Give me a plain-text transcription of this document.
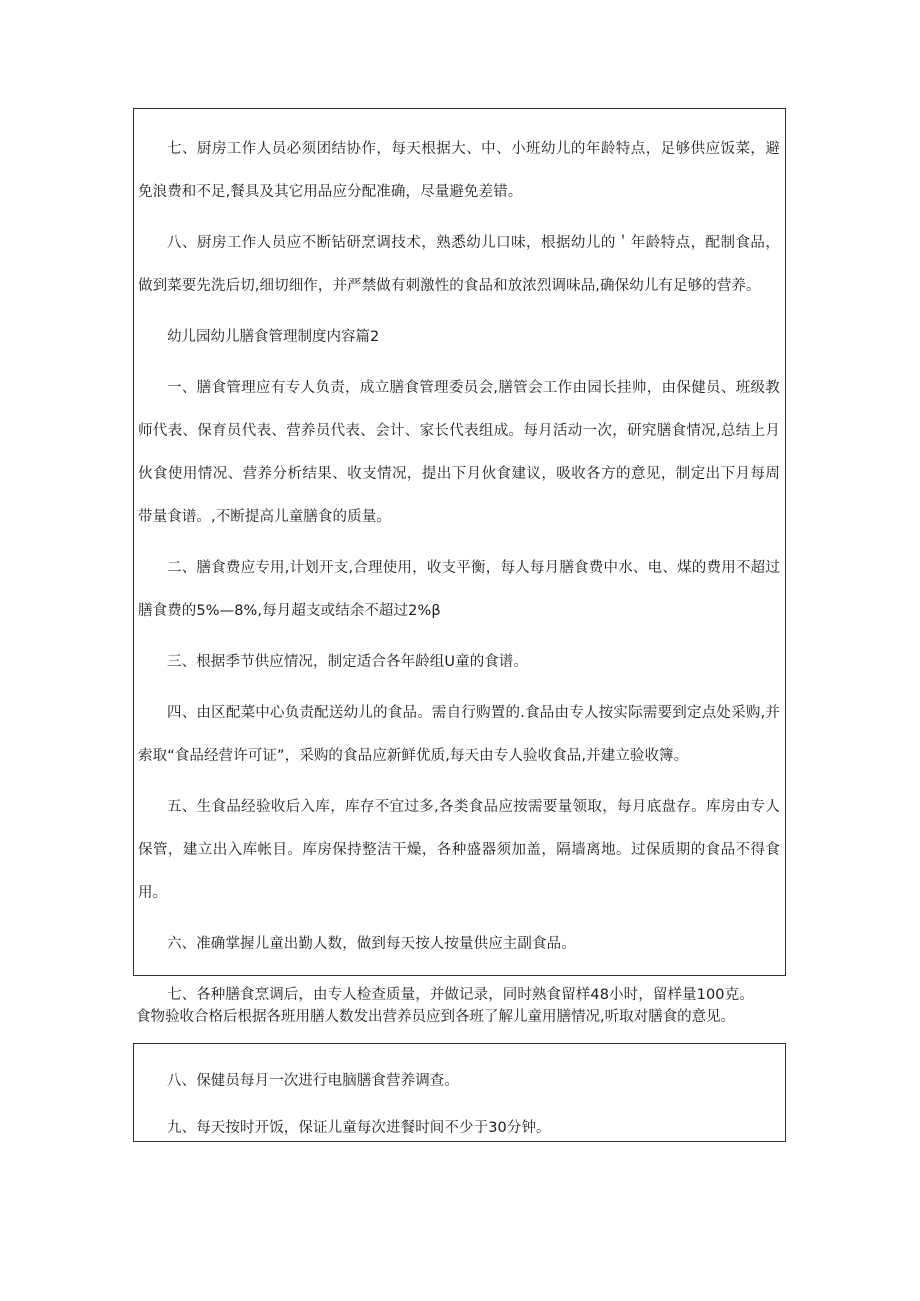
七、厨房工作人员必须团结协作，每天根据大、中、小班幼儿的年龄特点，足够供应饭菜，避免浪费和不足,餐具及其它用品应分配准确，尽量避免差错。

八、厨房工作人员应不断钻研烹调技术，熟悉幼儿口味，根据幼儿的＇年龄特点，配制食品，做到菜要先洗后切,细切细作，并严禁做有刺激性的食品和放浓烈调味品,确保幼儿有足够的营养。

幼儿园幼儿膳食管理制度内容篇2

一、膳食管理应有专人负责，成立膳食管理委员会,膳管会工作由园长挂帅，由保健员、班级教师代表、保育员代表、营养员代表、会计、家长代表组成。每月活动一次，研究膳食情况,总结上月伙食使用情况、营养分析结果、收支情况，提出下月伙食建议，吸收各方的意见，制定出下月每周带量食谱。,不断提高儿童膳食的质量。

二、膳食费应专用,计划开支,合理使用，收支平衡，每人每月膳食费中水、电、煤的费用不超过膳食费的5%—8%,每月超支或结余不超过2%β

三、根据季节供应情况，制定适合各年龄组U童的食谱。

四、由区配菜中心负责配送幼儿的食品。需自行购置的.食品由专人按实际需要到定点处采购,并索取“食品经营许可证”，采购的食品应新鲜优质,每天由专人验收食品,并建立验收簿。

五、生食品经验收后入库，库存不宜过多,各类食品应按需要量领取，每月底盘存。库房由专人保管，建立出入库帐目。库房保持整洁干燥，各种盛器须加盖，隔墙离地。过保质期的食品不得食用。

六、准确掌握儿童出勤人数，做到每天按人按量供应主副食品。

七、各种膳食烹调后，由专人检查质量，并做记录，同时熟食留样48小时，留样量100克。

食物验收合格后根据各班用膳人数发出营养员应到各班了解儿童用膳情况,听取对膳食的意见。

八、保健员每月一次进行电脑膳食营养调查。

九、每天按时开饭，保证儿童每次进餐时间不少于30分钟。
